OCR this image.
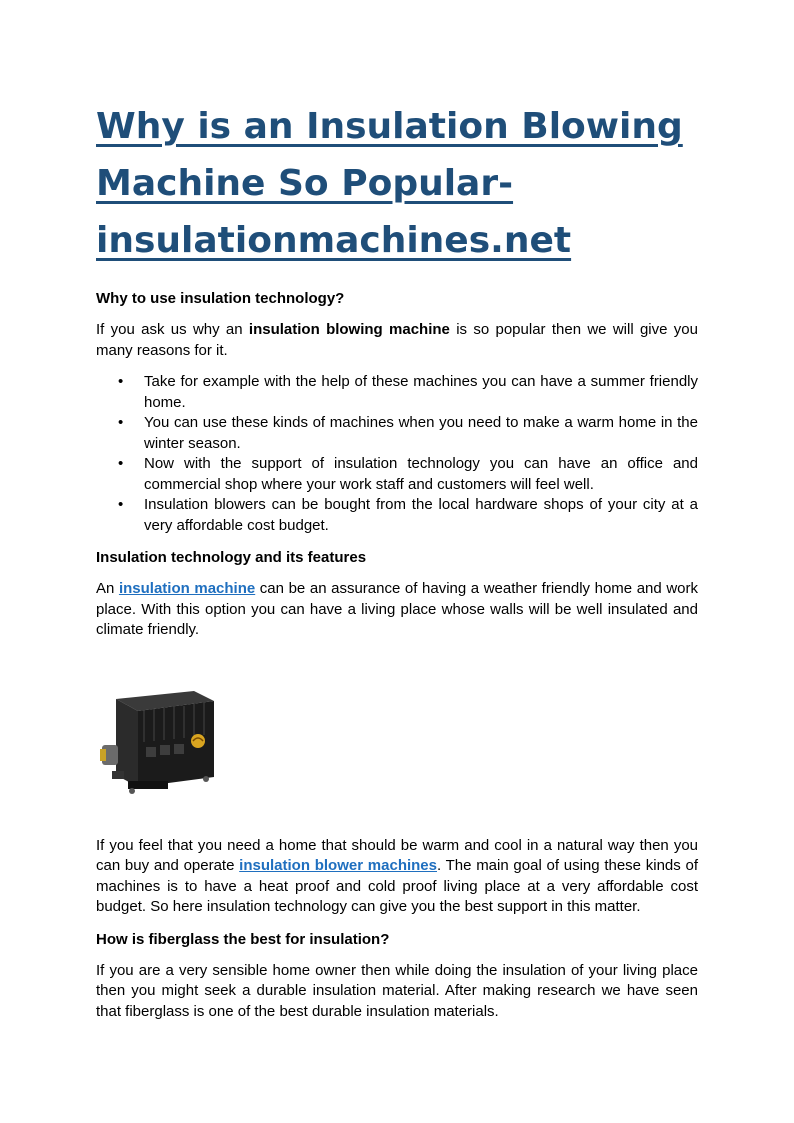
Why is an Insulation Blowing
Machine So Popular-
insulationmachines.net
Why to use insulation technology?

If you ask us why an insulation blowing machine is so popular then we will give you many reasons for it.

• Take for example with the help of these machines you can have a summer friendly home.
• You can use these kinds of machines when you need to make a warm home in the winter season.
• Now with the support of insulation technology you can have an office and commercial shop where your work staff and customers will feel well.
• Insulation blowers can be bought from the local hardware shops of your city at a very affordable cost budget.
Insulation technology and its features

An insulation machine can be an assurance of having a weather friendly home and work place. With this option you can have a living place whose walls will be well insulated and climate friendly.

If you feel that you need a home that should be warm and cool in a natural way then you can buy and operate insulation blower machines. The main goal of using these kinds of machines is to have a heat proof and cold proof living place at a very affordable cost budget. So here insulation technology can give you the best support in this matter.

How is fiberglass the best for insulation?

If you are a very sensible home owner then while doing the insulation of your living place then you might seek a durable insulation material. After making research we have seen that fiberglass is one of the best durable insulation materials.
